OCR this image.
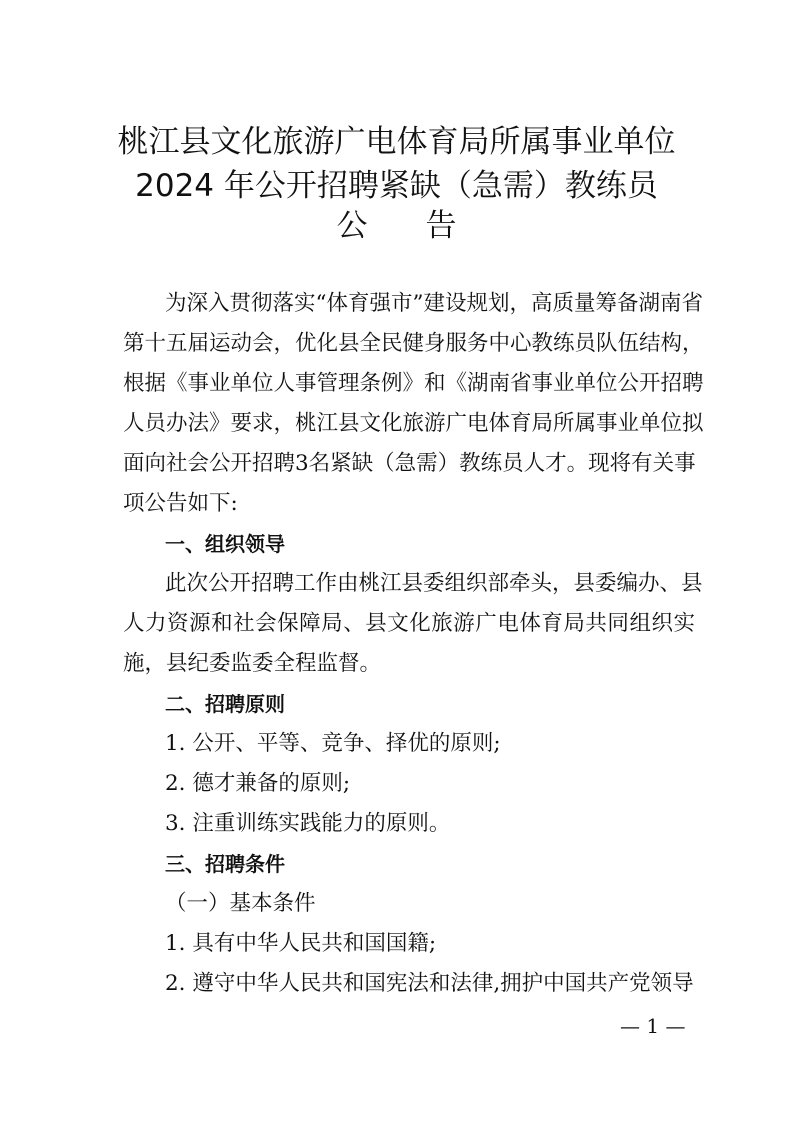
桃江县文化旅游广电体育局所属事业单位
2024 年公开招聘紧缺（急需）教练员
公告
为深入贯彻落实“体育强市”建设规划，高质量筹备湖南省
第十五届运动会，优化县全民健身服务中心教练员队伍结构，
根据《事业单位人事管理条例》和《湖南省事业单位公开招聘
人员办法》要求，桃江县文化旅游广电体育局所属事业单位拟
面向社会公开招聘3名紧缺（急需）教练员人才。现将有关事
项公告如下:
一、组织领导
此次公开招聘工作由桃江县委组织部牵头，县委编办、县
人力资源和社会保障局、县文化旅游广电体育局共同组织实
施，县纪委监委全程监督。
二、招聘原则
1. 公开、平等、竞争、择优的原则;
2. 德才兼备的原则;
3. 注重训练实践能力的原则。
三、招聘条件
（一）基本条件
1. 具有中华人民共和国国籍;
2. 遵守中华人民共和国宪法和法律,拥护中国共产党领导
— 1 —
